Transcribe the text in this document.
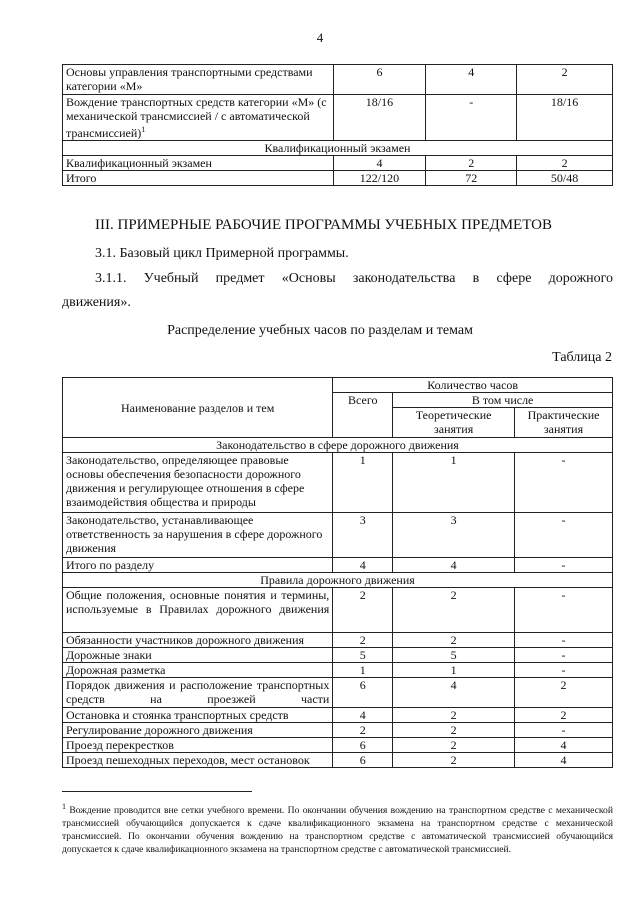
4
Основы управления транспортными средствами категории «М»	6	4	2
Вождение транспортных средств категории «М» (с механической трансмиссией / с автоматической трансмиссией)$^1$	18/16	-	18/16
Квалификационный экзамен			
Квалификационный экзамен	4	2	2
Итого	122/120	72	50/48
III. ПРИМЕРНЫЕ РАБОЧИЕ ПРОГРАММЫ УЧЕБНЫХ ПРЕДМЕТОВ
3.1. Базовый цикл Примерной программы.
3.1.1. Учебный предмет «Основы законодательства в сфере дорожного
движения».
Распределение учебных часов по разделам и темам
Таблица 2
Наименование разделов и тем	Количество часов		
	Всего	В том числе	
		Теоретические занятия	Практические занятия
Законодательство в сфере дорожного движения			
Законодательство, определяющее правовые основы обеспечения безопасности дорожного движения и регулирующее отношения в сфере взаимодействия общества и природы	1	1	-
Законодательство, устанавливающее ответственность за нарушения в сфере дорожного движения	3	3	-
Итого по разделу	4	4	-
Правила дорожного движения			
Общие положения, основные понятия и термины, используемые в Правилах дорожного движения	2	2	-
Обязанности участников дорожного движения	2	2	-
Дорожные знаки	5	5	-
Дорожная разметка	1	1	-
Порядок движения и расположение транспортных средств на проезжей части	6	4	2
Остановка и стоянка транспортных средств	4	2	2
Регулирование дорожного движения	2	2	-
Проезд перекрестков	6	2	4
Проезд пешеходных переходов, мест остановок	6	2	4
$^1$ Вождение проводится вне сетки учебного времени. По окончании обучения вождению на транспортном средстве с механической трансмиссией обучающийся допускается к сдаче квалификационного экзамена на транспортном средстве с механической трансмиссией. По окончании обучения вождению на транспортном средстве с автоматической трансмиссией обучающийся допускается к сдаче квалификационного экзамена на транспортном средстве с автоматической трансмиссией.
